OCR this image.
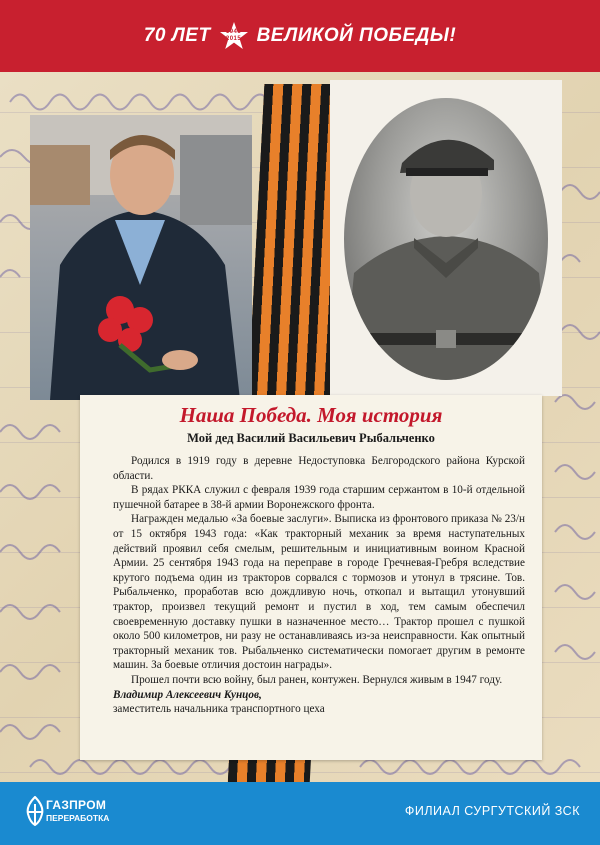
70 ЛЕТ	1945 2015 ВЕЛИКОЙ ПОБЕДЫ!
Наша Победа. Моя история
Мой дед Василий Васильевич Рыбальченко

Родился в 1919 году в деревне Недоступовка Белгородского района Курской области.

В рядах РККА служил с февраля 1939 года старшим сержантом в 10-й отдельной пушечной батарее в 38-й армии Воронежского фронта.

Награжден медалью «За боевые заслуги». Выписка из фронтового приказа № 23/н от 15 октября 1943 года: «Как тракторный механик за время наступательных действий проявил себя смелым, решительным и инициативным воином Красной Армии. 25 сентября 1943 года на переправе в городе Гречневая-Гребря вследствие крутого подъема один из тракторов сорвался с тормозов и утонул в трясине. Тов. Рыбальченко, проработав всю дождливую ночь, откопал и вытащил утонувший трактор, произвел текущий ремонт и пустил в ход, тем самым обеспечил своевременную доставку пушки в назначенное место… Трактор прошел с пушкой около 500 километров, ни разу не останавливаясь из-за неисправности. Как опытный тракторный механик тов. Рыбальченко систематически помогает другим в ремонте машин. За боевые отличия достоин награды».

Прошел почти всю войну, был ранен, контужен. Вернулся живым в 1947 году.

Владимир Алексеевич Кунцов,

заместитель начальника транспортного цеха

ГАЗПРОМ
ПЕРЕРАБОТКА	ФИЛИАЛ СУРГУТСКИЙ ЗСК
